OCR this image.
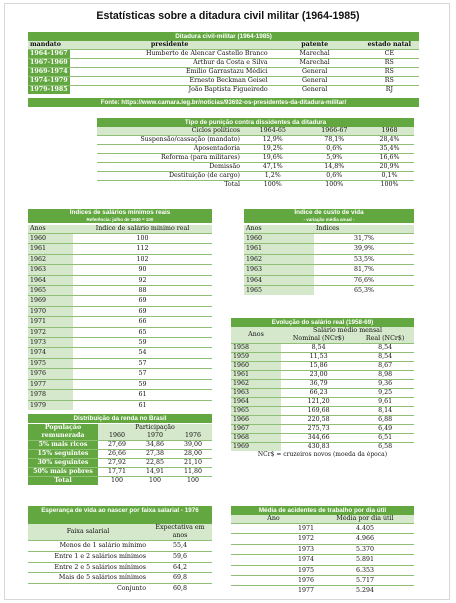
Estatísticas sobre a ditadura civil militar (1964-1985)
Ditadura civil-militar (1964-1985)
mandato	presidente	patente	estado natal
1964-1967	Humberto de Alencar Castello Branco	Marechal	CE
1967-1969	Arthur da Costa e Silva	Marechal	RS
1969-1974	Emílio Garrastazu Médici	General	RS
1974-1979	Ernesto Beckman Geisel	General	RS
1979-1985	João Baptista Figueiredo	General	RJ
Fonte: https://www.camara.leg.br/noticias/93692-os-presidentes-da-ditadura-militar/
Tipo de punição contra dissidentes da ditadura
Ciclos políticos	1964-65	1966-67	1968
Suspensão/cassação (mandato)	12,9%	78,1%	28,4%
Aposentadoria	19,2%	0,6%	35,4%
Reforma (para militares)	19,6%	5,9%	16,6%
Demissão	47,1%	14,8%	20,9%
Destituição (de cargo)	1,2%	0,6%	0,1%
Total	100%	100%	100%
Índices de salários mínimos reais
Referência: julho de 1940 = 100
Anos	Índice de salário mínimo real
1960	100
1961	112
1962	102
1963	90
1964	92
1965	88
1969	69
1970	69
1971	66
1972	65
1973	59
1974	54
1975	57
1976	57
1977	59
1978	61
1979	61
Índice de custo de vida
- variação média anual -
Anos	Índices
1960	31,7%
1961	39,9%
1962	53,5%
1963	81,7%
1964	76,6%
1965	65,3%
Evolução do salário real (1958-69)
Anos	Salário médio mensal	
	Nominal (NCr$)	Real (NCr$)
1958	8,54	8,54
1959	11,53	8,54
1960	15,86	8,67
1961	23,00	8,98
1962	36,79	9,36
1963	66,23	9,25
1964	121,20	9,61
1965	169,68	8,14
1966	220,58	6,88
1967	275,73	6,49
1968	344,66	6,51
1969	430,83	6,58
NCr$ = cruzeiros novos (moeda da época)		
Distribuição da renda no Brasil
População remunerada	Participação		
	1960	1970	1976
5% mais ricos	27,69	34,86	39,00
15% seguintes	26,66	27,38	28,00
30% seguintes	27,92	22,85	21,10
50% mais pobres	17,71	14,91	11,80
Total	100	100	100
Esperança de vida ao nascer por faixa salarial - 1976
Faixa salarial	Expectativa em anos
Menos de 1 salário mínimo	55,4
Entre 1 e 2 salários mínimos	59,6
Entre 2 e 5 salários mínimos	64,2
Mais de 5 salários mínimos	69,8
Conjunto	60,8
Média de acidentes de trabalho por dia útil
Ano	Média por dia útil
1971	4.405
1972	4.966
1973	5.370
1974	5.891
1975	6.353
1976	5.717
1977	5.294
